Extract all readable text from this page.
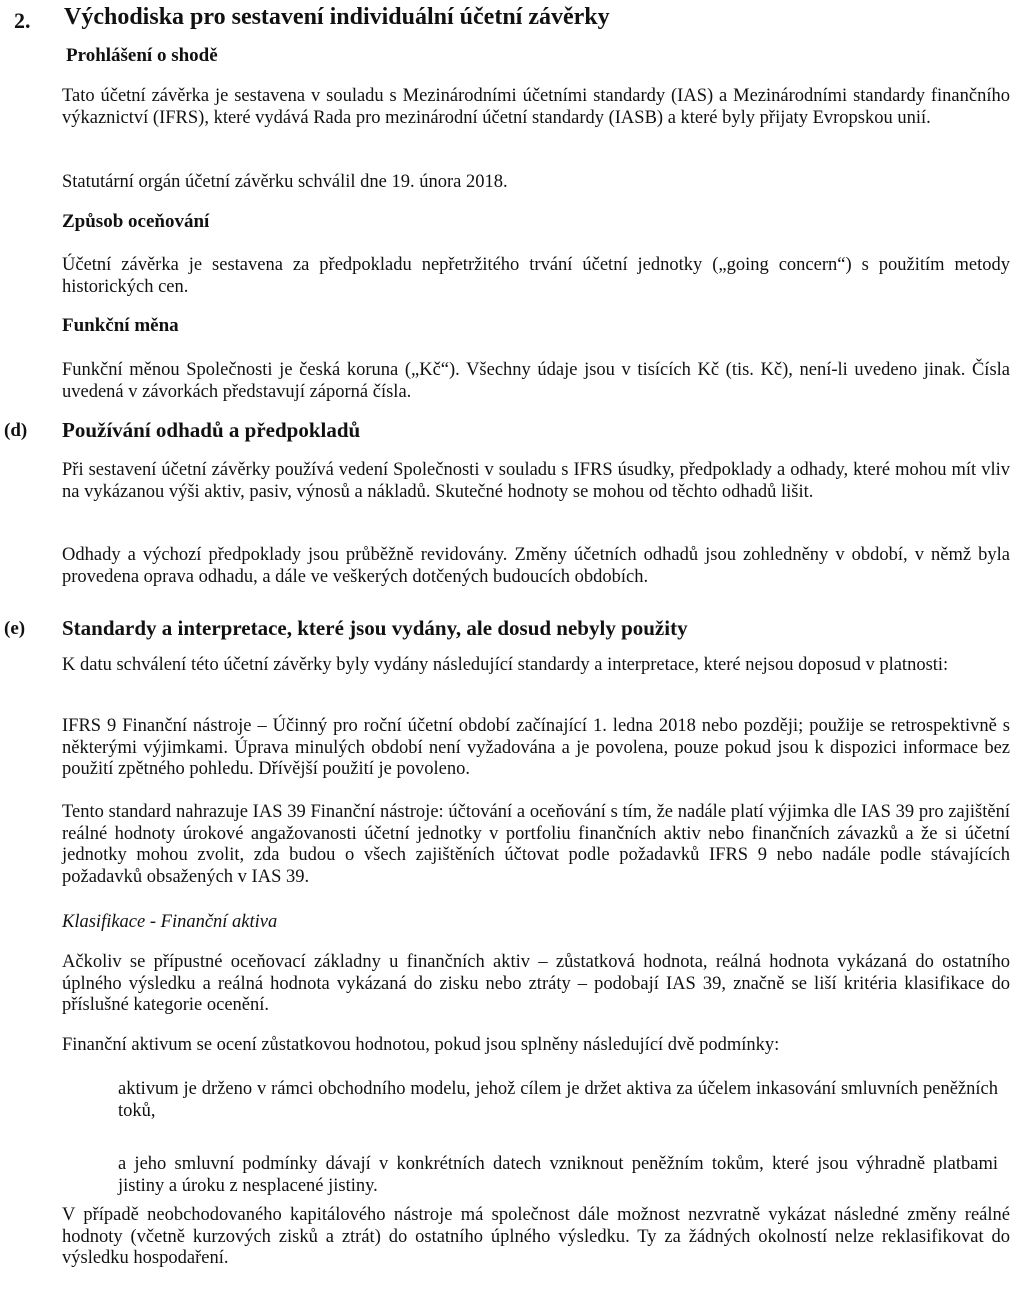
2. Východiska pro sestavení individuální účetní závěrky
Prohlášení o shodě
Tato účetní závěrka je sestavena v souladu s Mezinárodními účetními standardy (IAS) a Mezinárodními standardy finančního výkaznictví (IFRS), které vydává Rada pro mezinárodní účetní standardy (IASB) a které byly přijaty Evropskou unií.
Statutární orgán účetní závěrku schválil dne 19. února 2018.
Způsob oceňování
Účetní závěrka je sestavena za předpokladu nepřetržitého trvání účetní jednotky („going concern“) s použitím metody historických cen.
Funkční měna
Funkční měnou Společnosti je česká koruna („Kč“). Všechny údaje jsou v tisících Kč (tis. Kč), není-li uvedeno jinak. Čísla uvedená v závorkách představují záporná čísla.
(d) Používání odhadů a předpokladů
Při sestavení účetní závěrky používá vedení Společnosti v souladu s IFRS úsudky, předpoklady a odhady, které mohou mít vliv na vykázanou výši aktiv, pasiv, výnosů a nákladů. Skutečné hodnoty se mohou od těchto odhadů lišit.
Odhady a výchozí předpoklady jsou průběžně revidovány. Změny účetních odhadů jsou zohledněny v období, v němž byla provedena oprava odhadu, a dále ve veškerých dotčených budoucích obdobích.
(e) Standardy a interpretace, které jsou vydány, ale dosud nebyly použity
K datu schválení této účetní závěrky byly vydány následující standardy a interpretace, které nejsou doposud v platnosti:
IFRS 9 Finanční nástroje – Účinný pro roční účetní období začínající 1. ledna 2018 nebo později; použije se retrospektivně s některými výjimkami. Úprava minulých období není vyžadována a je povolena, pouze pokud jsou k dispozici informace bez použití zpětného pohledu. Dřívější použití je povoleno.
Tento standard nahrazuje IAS 39 Finanční nástroje: účtování a oceňování s tím, že nadále platí výjimka dle IAS 39 pro zajištění reálné hodnoty úrokové angažovanosti účetní jednotky v portfoliu finančních aktiv nebo finančních závazků a že si účetní jednotky mohou zvolit, zda budou o všech zajištěních účtovat podle požadavků IFRS 9 nebo nadále podle stávajících požadavků obsažených v IAS 39.
Klasifikace - Finanční aktiva
Ačkoliv se přípustné oceňovací základny u finančních aktiv – zůstatková hodnota, reálná hodnota vykázaná do ostatního úplného výsledku a reálná hodnota vykázaná do zisku nebo ztráty – podobají IAS 39, značně se liší kritéria klasifikace do příslušné kategorie ocenění.
Finanční aktivum se ocení zůstatkovou hodnotou, pokud jsou splněny následující dvě podmínky:
aktivum je drženo v rámci obchodního modelu, jehož cílem je držet aktiva za účelem inkasování smluvních peněžních toků,
a jeho smluvní podmínky dávají v konkrétních datech vzniknout peněžním tokům, které jsou výhradně platbami jistiny a úroku z nesplacené jistiny.
V případě neobchodovaného kapitálového nástroje má společnost dále možnost nezvratně vykázat následné změny reálné hodnoty (včetně kurzových zisků a ztrát) do ostatního úplného výsledku. Ty za žádných okolností nelze reklasifikovat do výsledku hospodaření.
